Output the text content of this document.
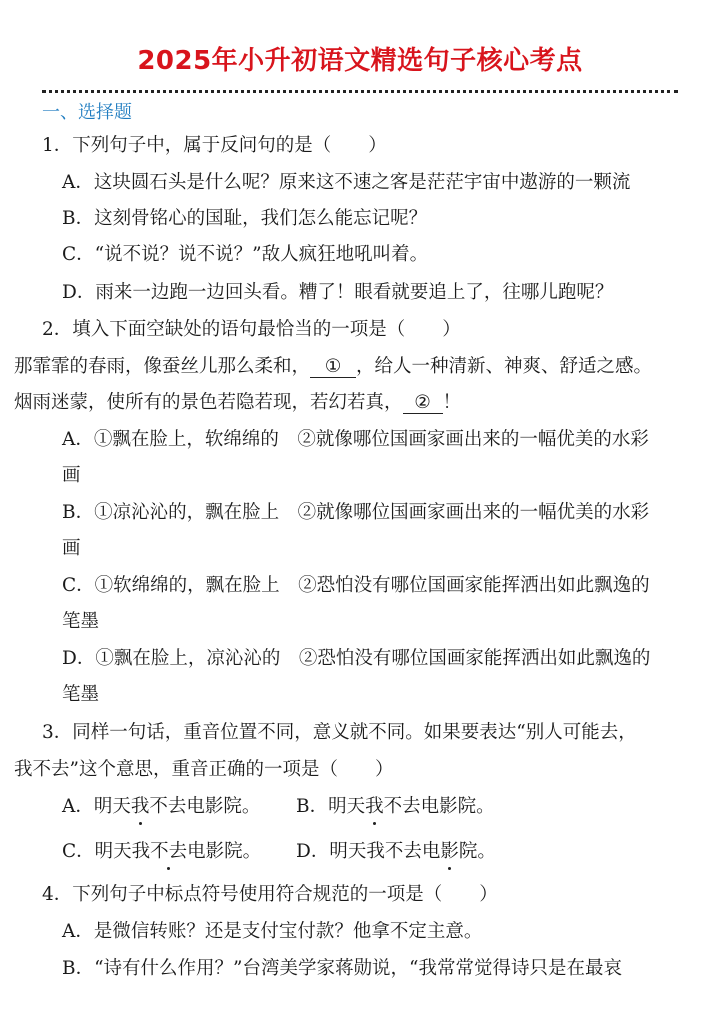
2025年小升初语文精选句子核心考点
一、选择题
1．下列句子中，属于反问句的是（　　）
A．这块圆石头是什么呢？原来这不速之客是茫茫宇宙中遨游的一颗流
B．这刻骨铭心的国耻，我们怎么能忘记呢？
C．“说不说？说不说？”敌人疯狂地吼叫着。
D．雨来一边跑一边回头看。糟了！眼看就要追上了，往哪儿跑呢？
2．填入下面空缺处的语句最恰当的一项是（　　）
那霏霏的春雨，像蚕丝儿那么柔和， ① ，给人一种清新、神爽、舒适之感。
烟雨迷蒙，使所有的景色若隐若现，若幻若真， ② ！
A．①飘在脸上，软绵绵的　②就像哪位国画家画出来的一幅优美的水彩
画
B．①凉沁沁的，飘在脸上　②就像哪位国画家画出来的一幅优美的水彩
画
C．①软绵绵的，飘在脸上　②恐怕没有哪位国画家能挥洒出如此飘逸的
笔墨
D．①飘在脸上，凉沁沁的　②恐怕没有哪位国画家能挥洒出如此飘逸的
笔墨
3．同样一句话，重音位置不同，意义就不同。如果要表达“别人可能去，
我不去”这个意思，重音正确的一项是（　　）
A．明天我不去电影院。 B．明天我不去电影院。
C．明天我不去电影院。 D．明天我不去电影院。
4．下列句子中标点符号使用符合规范的一项是（　　）
A．是微信转账？还是支付宝付款？他拿不定主意。
B．“诗有什么作用？”台湾美学家蒋勋说，“我常常觉得诗只是在最哀
